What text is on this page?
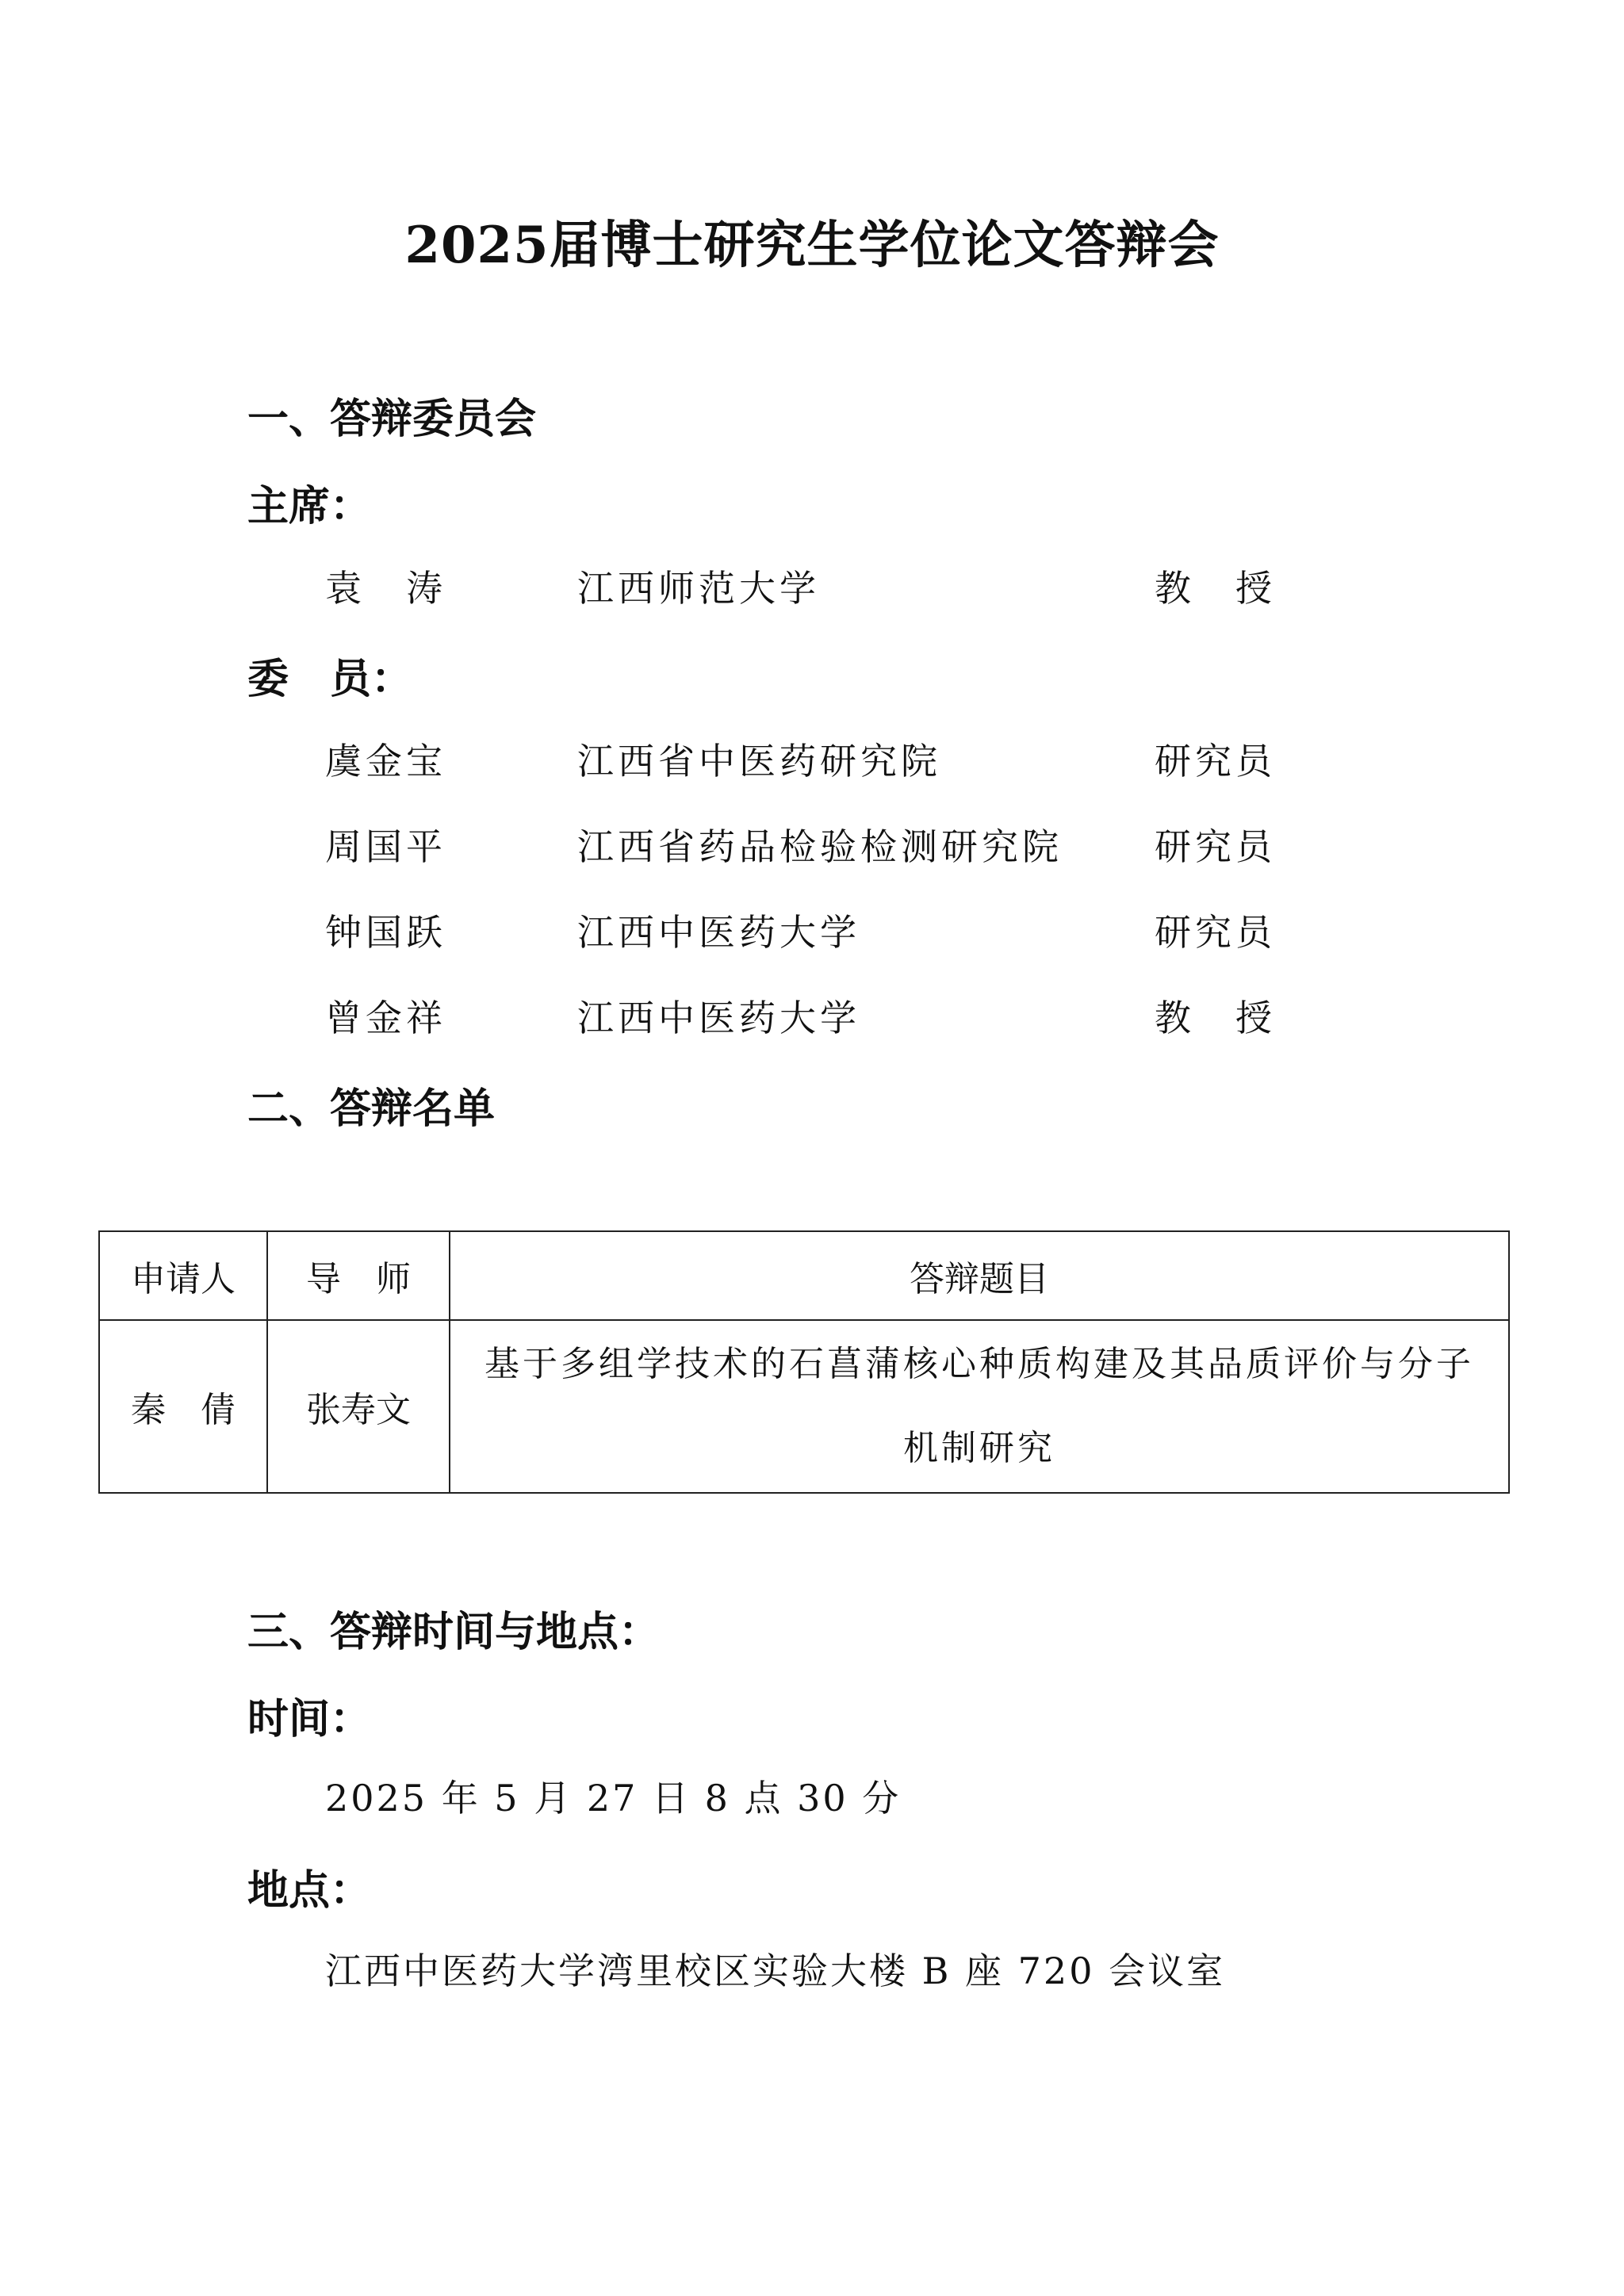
2025届博士研究生学位论文答辩会
一、答辩委员会
主席：
袁　涛	江西师范大学	教　授
委　员：
虞金宝	江西省中医药研究院	研究员
周国平	江西省药品检验检测研究院	研究员
钟国跃	江西中医药大学	研究员
曾金祥	江西中医药大学	教　授
二、答辩名单
申请人	导　师	答辩题目
秦　倩	张寿文	基于多组学技术的石菖蒲核心种质构建及其品质评价与分子机制研究
三、答辩时间与地点：
时间：
2025 年 5 月 27 日 8 点 30 分
地点：
江西中医药大学湾里校区实验大楼 B 座 720 会议室
